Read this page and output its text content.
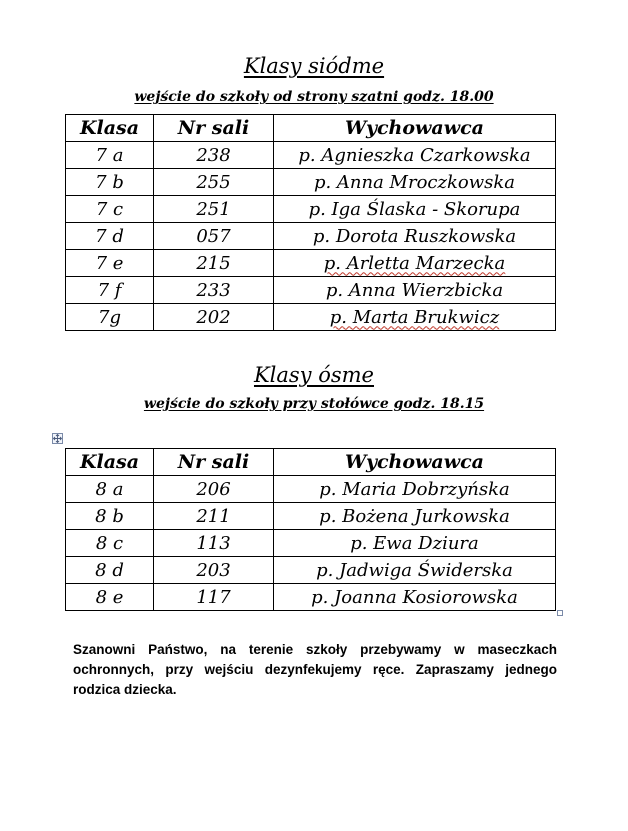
Klasy siódme
wejście do szkoły od strony szatni godz. 18.00
Klasa	Nr sali	Wychowawca
7 a	238	p. Agnieszka Czarkowska
7 b	255	p. Anna Mroczkowska
7 c	251	p. Iga Ślaska - Skorupa
7 d	057	p. Dorota Ruszkowska
7 e	215	p. Arletta Marzecka
7 f	233	p. Anna Wierzbicka
7g	202	p. Marta Brukwicz
Klasy ósme
wejście do szkoły przy stołówce godz. 18.15
Klasa	Nr sali	Wychowawca
8 a	206	p. Maria Dobrzyńska
8 b	211	p. Bożena Jurkowska
8 c	113	p. Ewa Dziura
8 d	203	p. Jadwiga Świderska
8 e	117	p. Joanna Kosiorowska
Szanowni Państwo, na terenie szkoły przebywamy w maseczkach ochronnych, przy wejściu dezynfekujemy ręce. Zapraszamy jednego rodzica dziecka.
